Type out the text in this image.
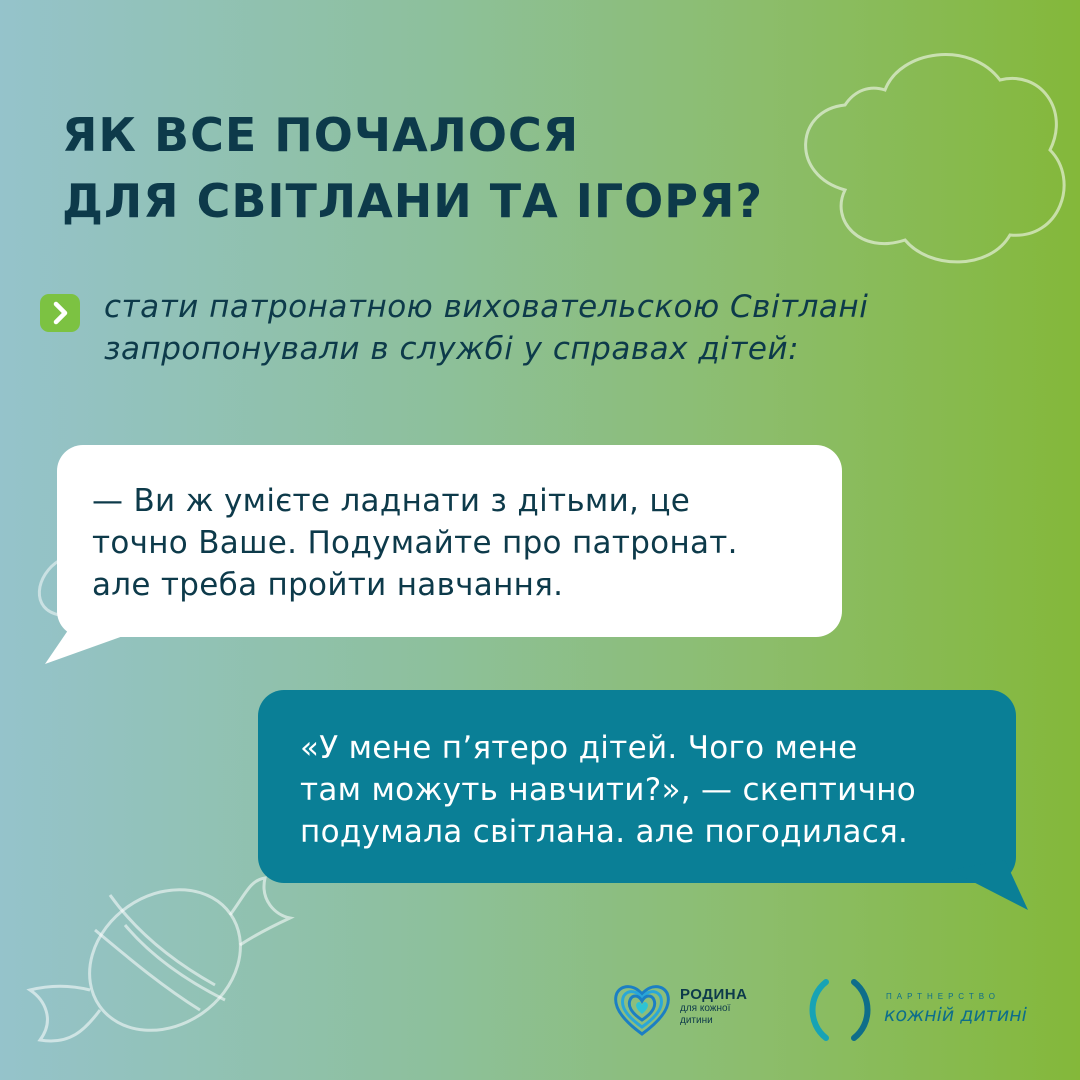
ЯК ВСЕ ПОЧАЛОСЯ
ДЛЯ СВІТЛАНИ ТА ІГОРЯ?

стати патронатною виховательскою Світлані
запропонували в службі у справах дітей:

— Ви ж умієте ладнати з дітьми, це
точно Ваше. Подумайте про патронат.
але треба пройти навчання.

«У мене п’ятеро дітей. Чого мене
там можуть навчити?», — скептично
подумала світлана. але погодилася.

РОДИНА
для кожної
дитини
ПАРТНЕРСТВО
кожній дитині
